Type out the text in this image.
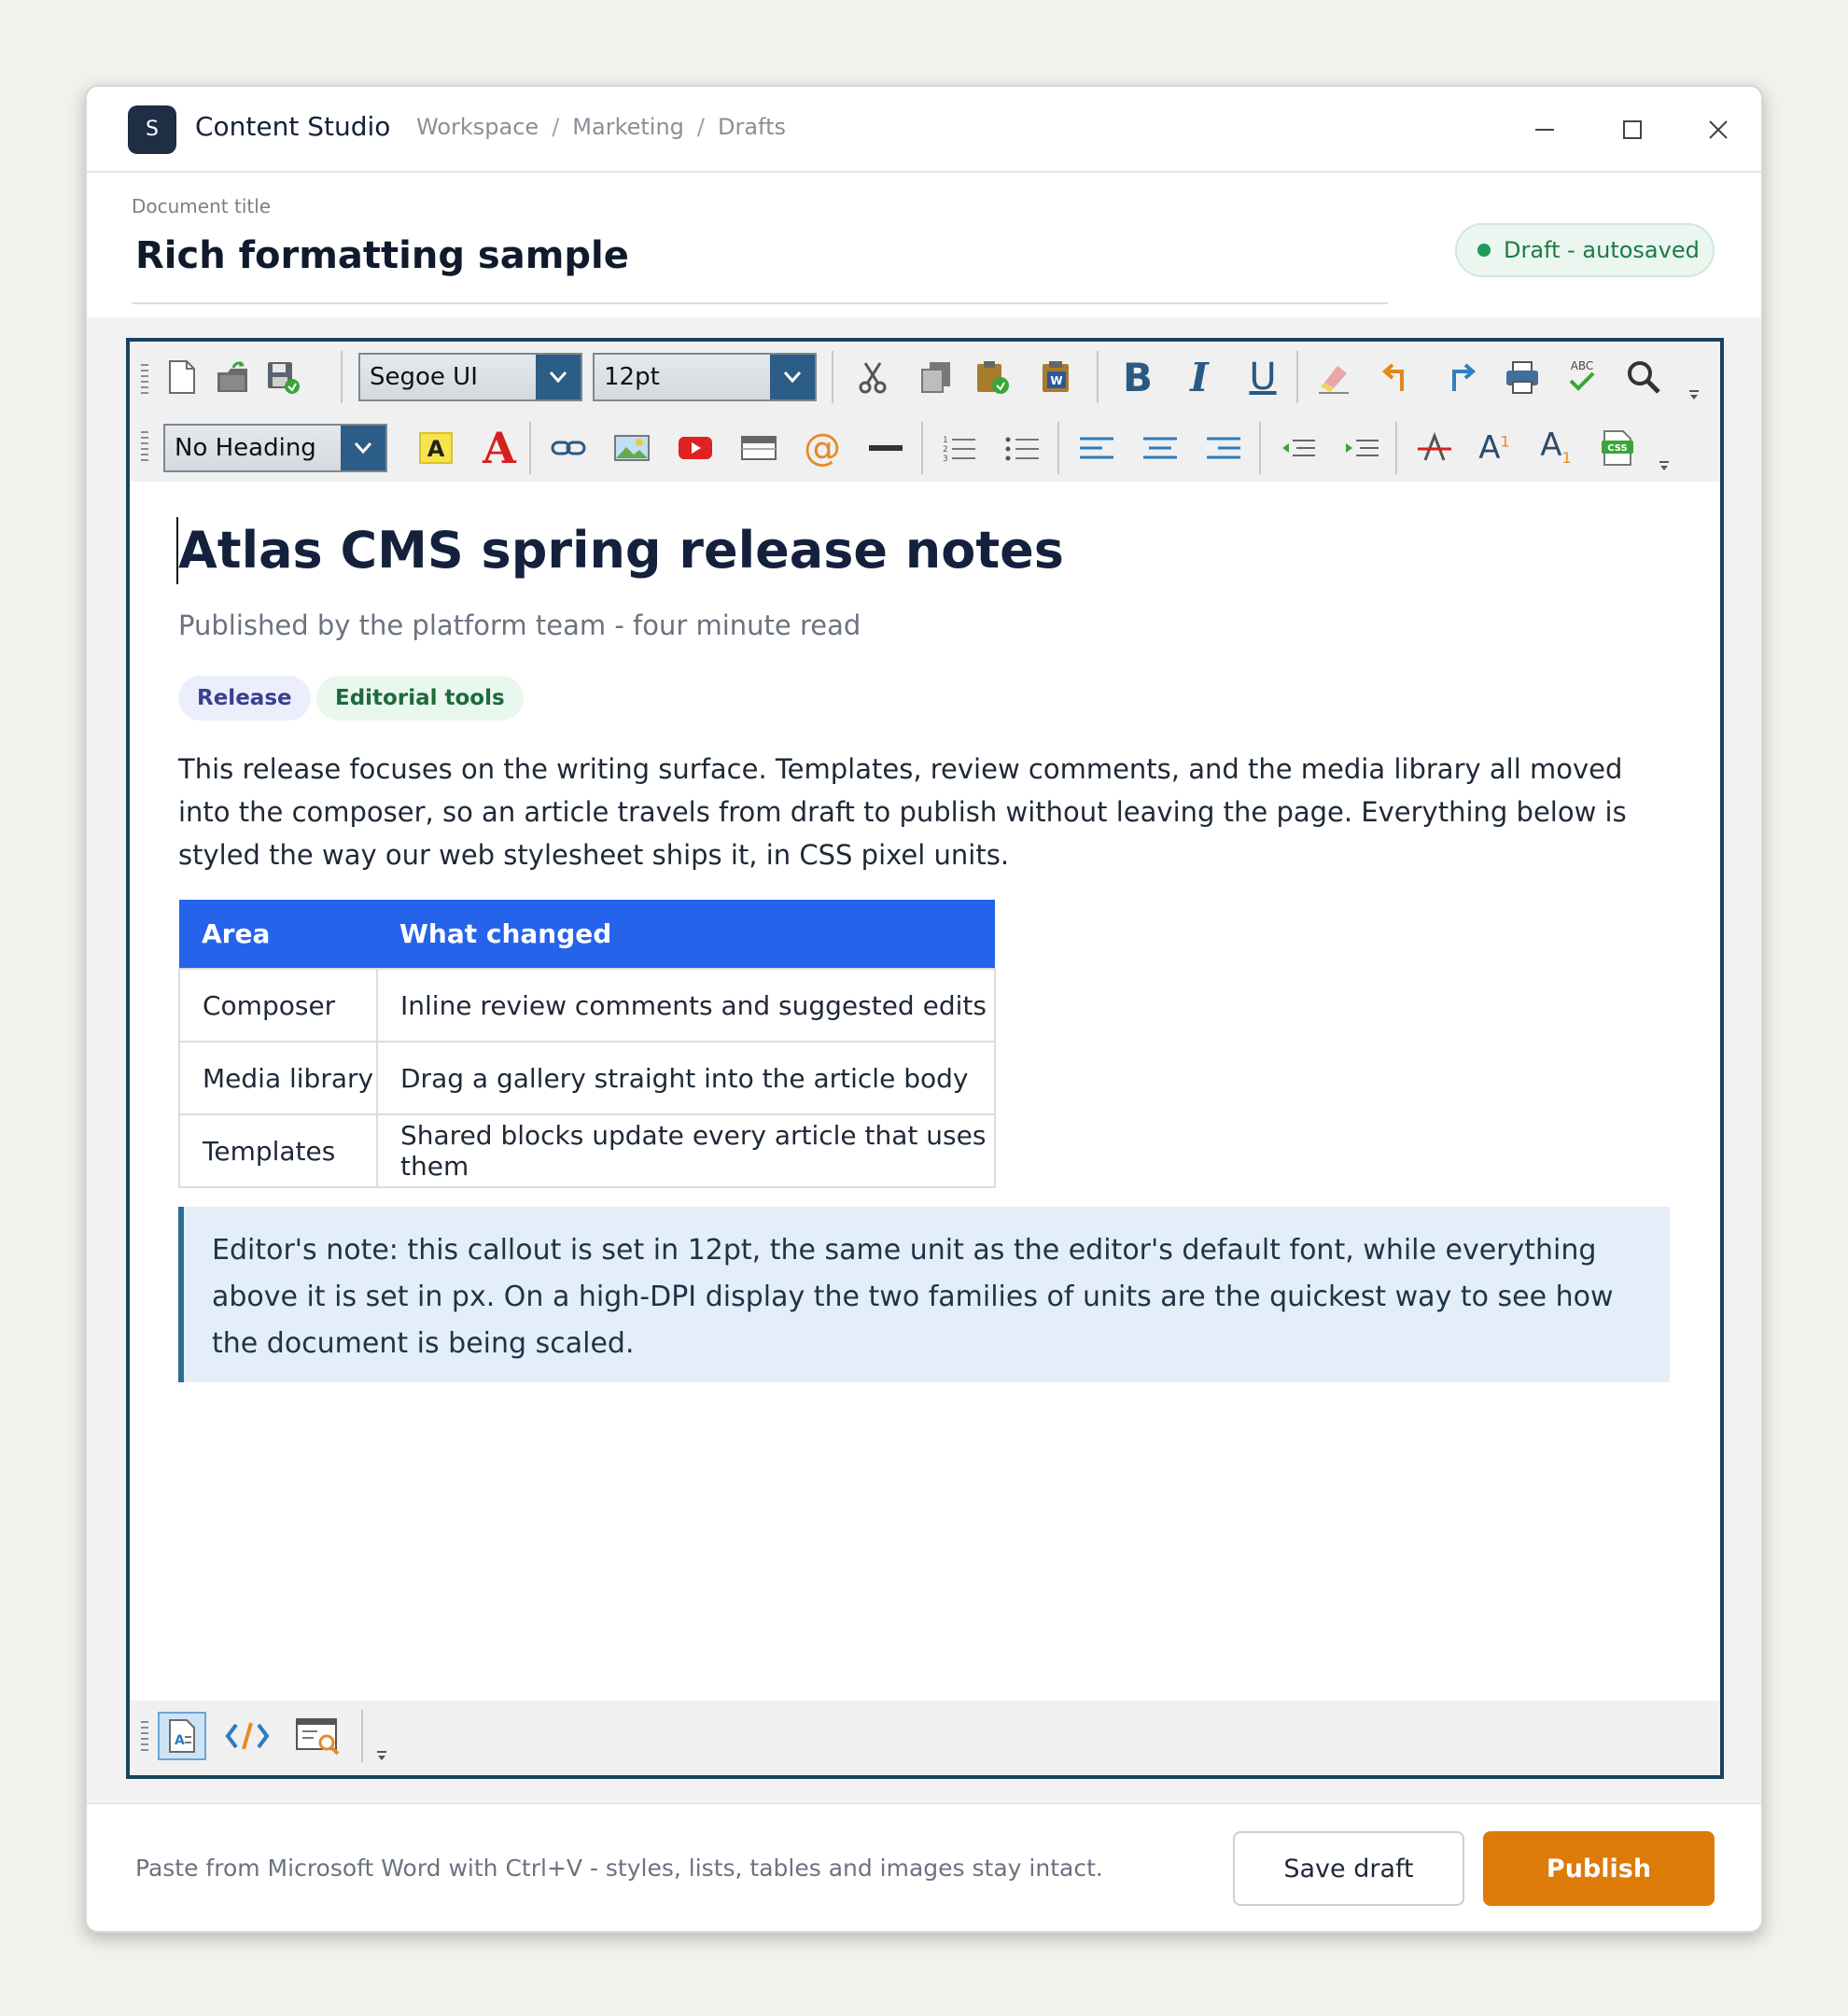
S	Content Studio Workspace / Marketing / Drafts
Document title
Rich formatting sample	Draft - autosaved
Segoe UI	12pt	W B I U	ABC
No Heading	A A	@	1
2
3	$A^1$ $A_1$	CSS
Atlas CMS spring release notes
Published by the platform team - four minute read
Release	Editorial tools
This release focuses on the writing surface. Templates, review comments, and the media library all moved into the composer, so an article travels from draft to publish without leaving the page. Everything below is styled the way our web stylesheet ships it, in CSS pixel units.
Area	What changed
Composer	Inline review comments and suggested edits
Media library	Drag a gallery straight into the article body
Templates	Shared blocks update every article that uses them
Editor's note: this callout is set in 12pt, the same unit as the editor's default font, while everything above it is set in px. On a high-DPI display the two families of units are the quickest way to see how the document is being scaled.
A
Paste from Microsoft Word with Ctrl+V - styles, lists, tables and images stay intact.	Save draft	Publish
